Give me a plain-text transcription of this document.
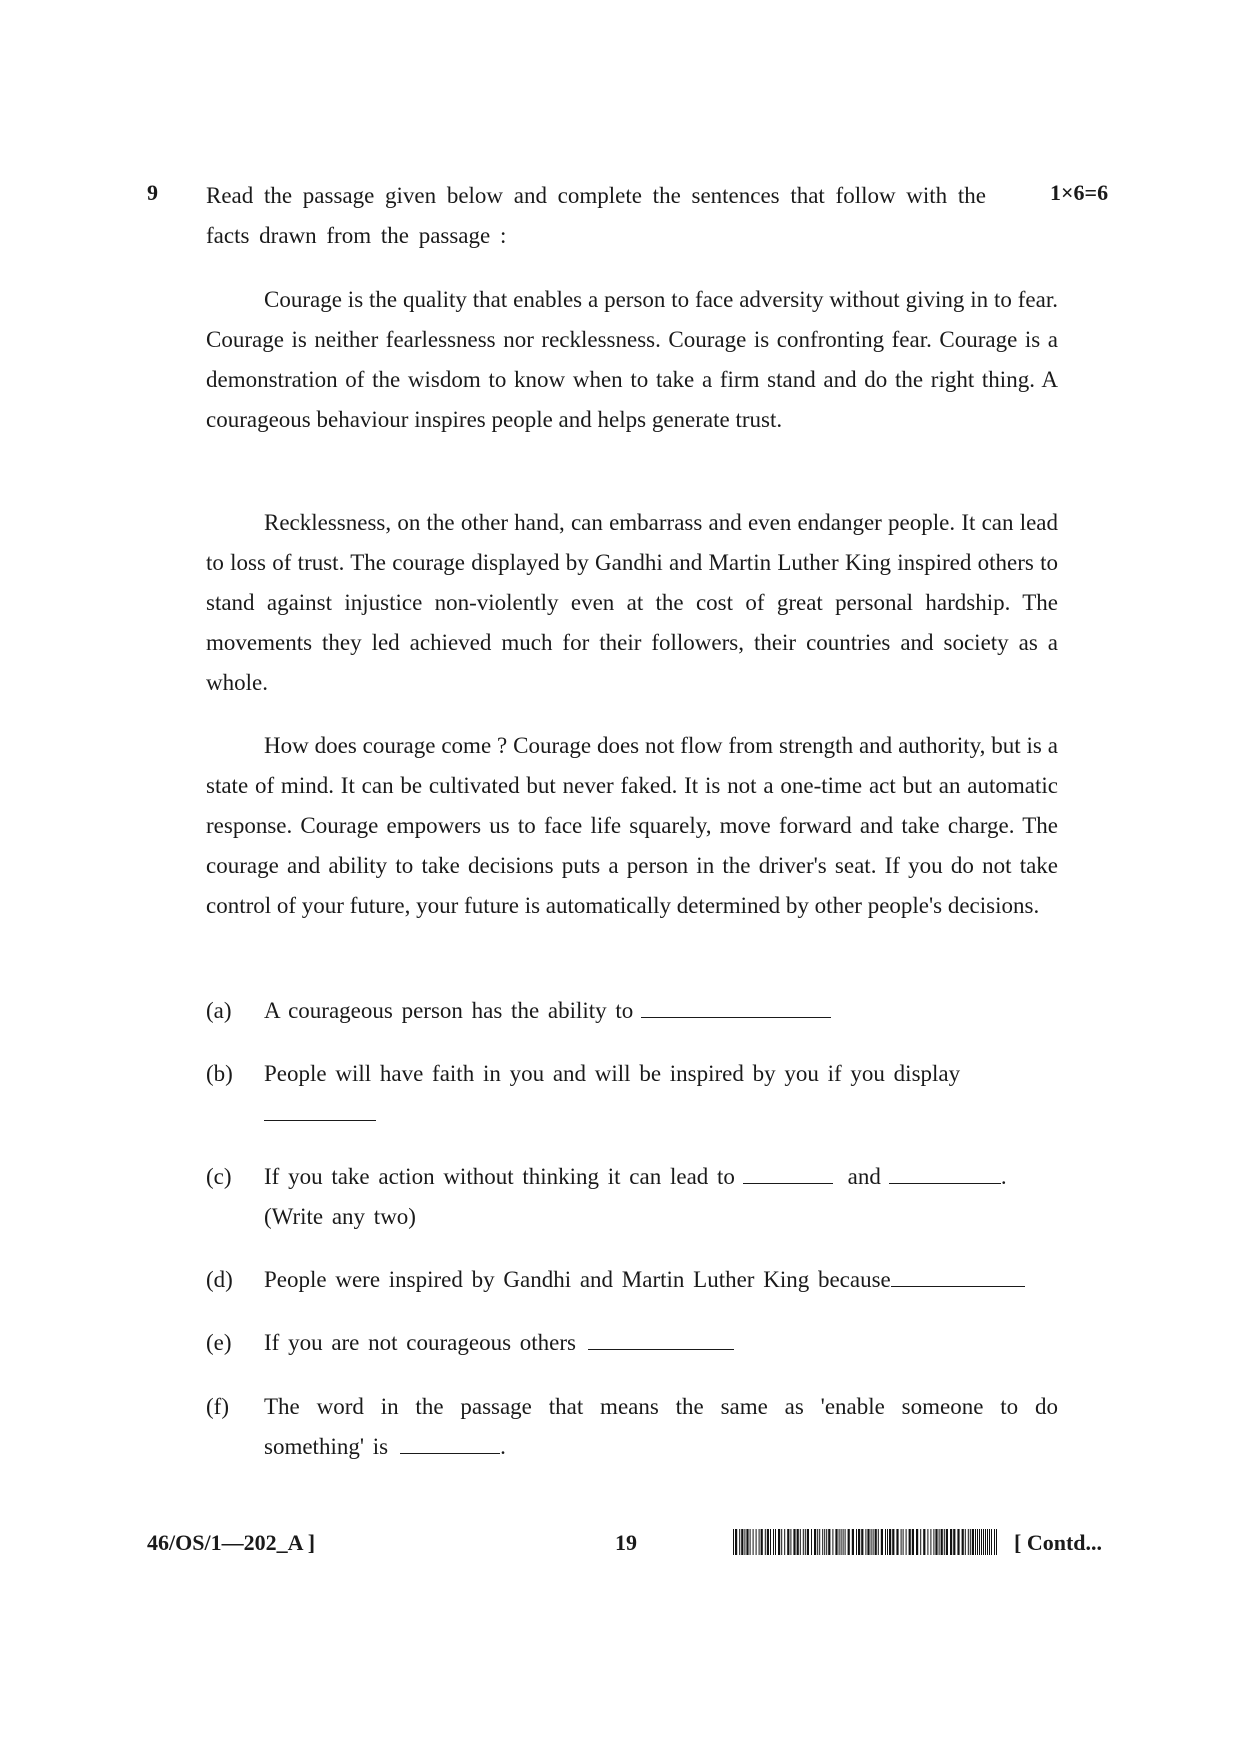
9 Read the passage given below and complete the sentences that follow with the facts drawn from the passage :
1×6=6

Courage is the quality that enables a person to face adversity without giving in to fear. Courage is neither fearlessness nor recklessness. Courage is confronting fear. Courage is a demonstration of the wisdom to know when to take a firm stand and do the right thing. A courageous behaviour inspires people and helps generate trust.

Recklessness, on the other hand, can embarrass and even endanger people. It can lead to loss of trust. The courage displayed by Gandhi and Martin Luther King inspired others to stand against injustice non-violently even at the cost of great personal hardship. The movements they led achieved much for their followers, their countries and society as a whole.

How does courage come ? Courage does not flow from strength and authority, but is a state of mind. It can be cultivated but never faked. It is not a one-time act but an automatic response. Courage empowers us to face life squarely, move forward and take charge. The courage and ability to take decisions puts a person in the driver's seat. If you do not take control of your future, your future is automatically determined by other people's decisions.

(a)	A courageous person has the ability to
(b)	People will have faith in you and will be inspired by you if you display

(c)	If you take action without thinking it can lead to	and	.
(Write any two)
(d)	People were inspired by Gandhi and Martin Luther King because
(e)	If you are not courageous others
(f)	The word in the passage that means the same as 'enable someone to do something' is	.
46/OS/1—202_A ]	19	[ Contd...
